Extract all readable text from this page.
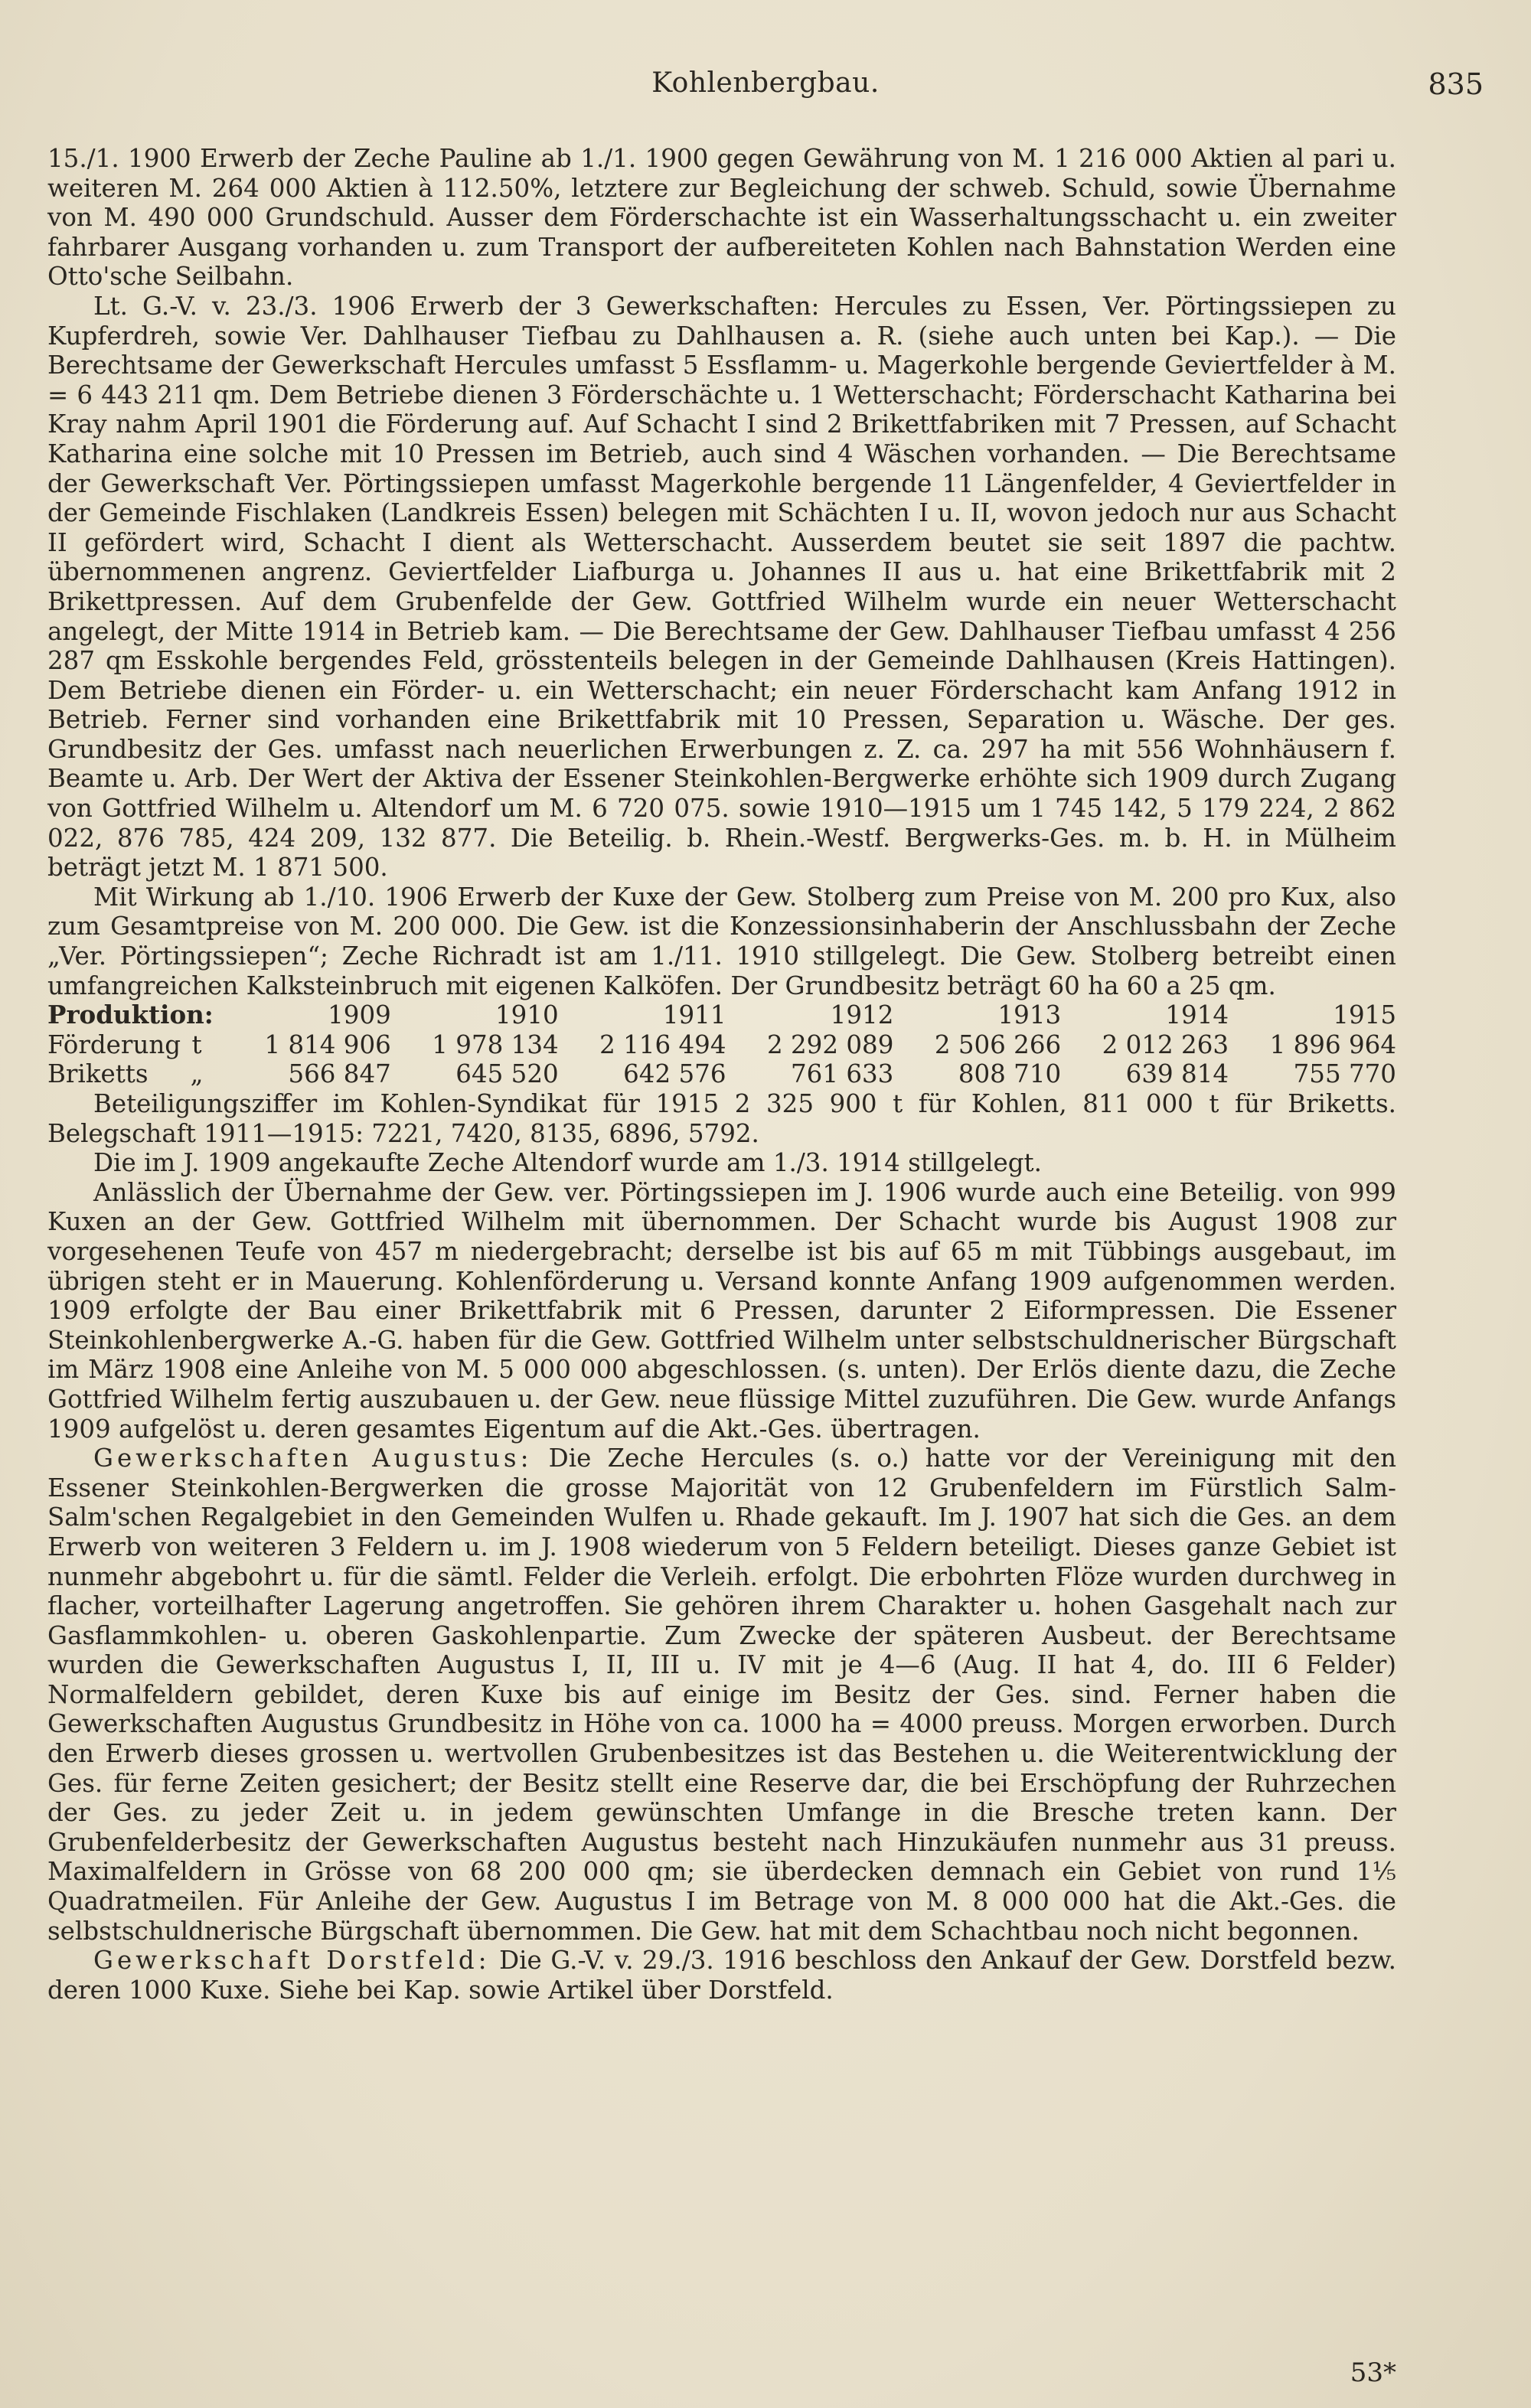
Kohlenbergbau.	835

15./1. 1900 Erwerb der Zeche Pauline ab 1./1. 1900 gegen Gewährung von M. 1 216 000 Aktien al pari u. weiteren M. 264 000 Aktien à 112.50%, letztere zur Begleichung der schweb. Schuld, sowie Übernahme von M. 490 000 Grundschuld. Ausser dem Förderschachte ist ein Wasserhaltungsschacht u. ein zweiter fahrbarer Ausgang vorhanden u. zum Transport der aufbereiteten Kohlen nach Bahnstation Werden eine Otto'sche Seilbahn.

Lt. G.-V. v. 23./3. 1906 Erwerb der 3 Gewerkschaften: Hercules zu Essen, Ver. Pörtingssiepen zu Kupferdreh, sowie Ver. Dahlhauser Tiefbau zu Dahlhausen a. R. (siehe auch unten bei Kap.). — Die Berechtsame der Gewerkschaft Hercules umfasst 5 Essflamm- u. Magerkohle bergende Geviertfelder à M. = 6 443 211 qm. Dem Betriebe dienen 3 Förderschächte u. 1 Wetterschacht; Förderschacht Katharina bei Kray nahm April 1901 die Förderung auf. Auf Schacht I sind 2 Brikettfabriken mit 7 Pressen, auf Schacht Katharina eine solche mit 10 Pressen im Betrieb, auch sind 4 Wäschen vorhanden. — Die Berechtsame der Gewerkschaft Ver. Pörtingssiepen umfasst Magerkohle bergende 11 Längenfelder, 4 Geviertfelder in der Gemeinde Fischlaken (Landkreis Essen) belegen mit Schächten I u. II, wovon jedoch nur aus Schacht II gefördert wird, Schacht I dient als Wetterschacht. Ausserdem beutet sie seit 1897 die pachtw. übernommenen angrenz. Geviertfelder Liafburga u. Johannes II aus u. hat eine Brikettfabrik mit 2 Brikettpressen. Auf dem Grubenfelde der Gew. Gottfried Wilhelm wurde ein neuer Wetterschacht angelegt, der Mitte 1914 in Betrieb kam. — Die Berechtsame der Gew. Dahlhauser Tiefbau umfasst 4 256 287 qm Esskohle bergendes Feld, grösstenteils belegen in der Gemeinde Dahlhausen (Kreis Hattingen). Dem Betriebe dienen ein Förder- u. ein Wetterschacht; ein neuer Förderschacht kam Anfang 1912 in Betrieb. Ferner sind vorhanden eine Brikettfabrik mit 10 Pressen, Separation u. Wäsche. Der ges. Grundbesitz der Ges. umfasst nach neuerlichen Erwerbungen z. Z. ca. 297 ha mit 556 Wohnhäusern f. Beamte u. Arb. Der Wert der Aktiva der Essener Steinkohlen-Bergwerke erhöhte sich 1909 durch Zugang von Gottfried Wilhelm u. Altendorf um M. 6 720 075. sowie 1910—1915 um 1 745 142, 5 179 224, 2 862 022, 876 785, 424 209, 132 877. Die Beteilig. b. Rhein.-Westf. Bergwerks-Ges. m. b. H. in Mülheim beträgt jetzt M. 1 871 500.

Mit Wirkung ab 1./10. 1906 Erwerb der Kuxe der Gew. Stolberg zum Preise von M. 200 pro Kux, also zum Gesamtpreise von M. 200 000. Die Gew. ist die Konzessionsinhaberin der Anschlussbahn der Zeche „Ver. Pörtingssiepen“; Zeche Richradt ist am 1./11. 1910 stillgelegt. Die Gew. Stolberg betreibt einen umfangreichen Kalksteinbruch mit eigenen Kalköfen. Der Grundbesitz beträgt 60 ha 60 a 25 qm.

Produktion:		1909	1910	1911	1912	1913	1914	1915
Förderung	t	1 814 906	1 978 134	2 116 494	2 292 089	2 506 266	2 012 263	1 896 964
Briketts	„	566 847	645 520	642 576	761 633	808 710	639 814	755 770

Beteiligungsziffer im Kohlen-Syndikat für 1915 2 325 900 t für Kohlen, 811 000 t für Briketts. Belegschaft 1911—1915: 7221, 7420, 8135, 6896, 5792.

Die im J. 1909 angekaufte Zeche Altendorf wurde am 1./3. 1914 stillgelegt.

Anlässlich der Übernahme der Gew. ver. Pörtingssiepen im J. 1906 wurde auch eine Beteilig. von 999 Kuxen an der Gew. Gottfried Wilhelm mit übernommen. Der Schacht wurde bis August 1908 zur vorgesehenen Teufe von 457 m niedergebracht; derselbe ist bis auf 65 m mit Tübbings ausgebaut, im übrigen steht er in Mauerung. Kohlenförderung u. Versand konnte Anfang 1909 aufgenommen werden. 1909 erfolgte der Bau einer Brikettfabrik mit 6 Pressen, darunter 2 Eiformpressen. Die Essener Steinkohlenbergwerke A.-G. haben für die Gew. Gottfried Wilhelm unter selbstschuldnerischer Bürgschaft im März 1908 eine Anleihe von M. 5 000 000 abgeschlossen. (s. unten). Der Erlös diente dazu, die Zeche Gottfried Wilhelm fertig auszubauen u. der Gew. neue flüssige Mittel zuzuführen. Die Gew. wurde Anfangs 1909 aufgelöst u. deren gesamtes Eigentum auf die Akt.-Ges. übertragen.

Gewerkschaften Augustus: Die Zeche Hercules (s. o.) hatte vor der Vereinigung mit den Essener Steinkohlen-Bergwerken die grosse Majorität von 12 Grubenfeldern im Fürstlich Salm-Salm'schen Regalgebiet in den Gemeinden Wulfen u. Rhade gekauft. Im J. 1907 hat sich die Ges. an dem Erwerb von weiteren 3 Feldern u. im J. 1908 wiederum von 5 Feldern beteiligt. Dieses ganze Gebiet ist nunmehr abgebohrt u. für die sämtl. Felder die Verleih. erfolgt. Die erbohrten Flöze wurden durchweg in flacher, vorteilhafter Lagerung angetroffen. Sie gehören ihrem Charakter u. hohen Gasgehalt nach zur Gasflammkohlen- u. oberen Gaskohlenpartie. Zum Zwecke der späteren Ausbeut. der Berechtsame wurden die Gewerkschaften Augustus I, II, III u. IV mit je 4—6 (Aug. II hat 4, do. III 6 Felder) Normalfeldern gebildet, deren Kuxe bis auf einige im Besitz der Ges. sind. Ferner haben die Gewerkschaften Augustus Grundbesitz in Höhe von ca. 1000 ha = 4000 preuss. Morgen erworben. Durch den Erwerb dieses grossen u. wertvollen Grubenbesitzes ist das Bestehen u. die Weiterentwicklung der Ges. für ferne Zeiten gesichert; der Besitz stellt eine Reserve dar, die bei Erschöpfung der Ruhrzechen der Ges. zu jeder Zeit u. in jedem gewünschten Umfange in die Bresche treten kann. Der Grubenfelderbesitz der Gewerkschaften Augustus besteht nach Hinzukäufen nunmehr aus 31 preuss. Maximalfeldern in Grösse von 68 200 000 qm; sie überdecken demnach ein Gebiet von rund 1⅕ Quadratmeilen. Für Anleihe der Gew. Augustus I im Betrage von M. 8 000 000 hat die Akt.-Ges. die selbstschuldnerische Bürgschaft übernommen. Die Gew. hat mit dem Schachtbau noch nicht begonnen.

Gewerkschaft Dorstfeld: Die G.-V. v. 29./3. 1916 beschloss den Ankauf der Gew. Dorstfeld bezw. deren 1000 Kuxe. Siehe bei Kap. sowie Artikel über Dorstfeld.

53*
